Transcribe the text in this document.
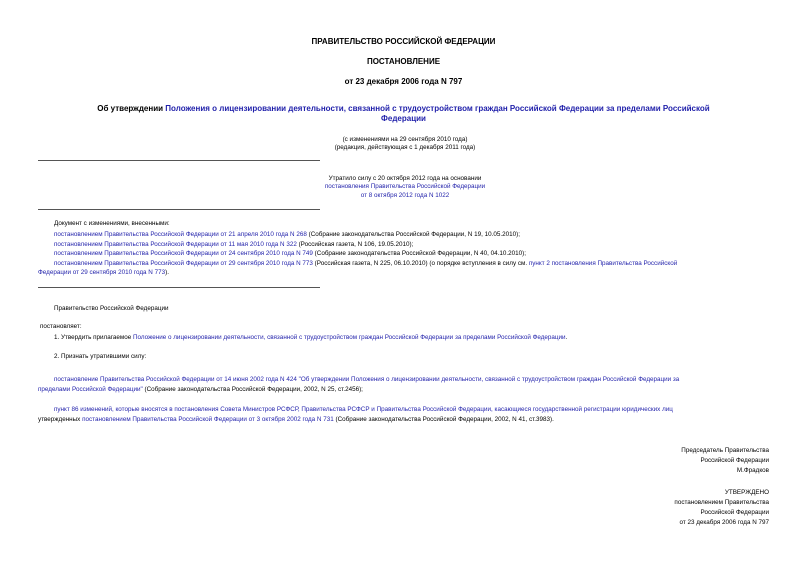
ПРАВИТЕЛЬСТВО РОССИЙСКОЙ ФЕДЕРАЦИИ
ПОСТАНОВЛЕНИЕ
от 23 декабря 2006 года N 797
Об утверждении Положения о лицензировании деятельности, связанной с трудоустройством граждан Российской Федерации за пределами Российской
Федерации
(с изменениями на 29 сентября 2010 года)
(редакция, действующая с 1 декабря 2011 года)
Утратило силу с 20 октября 2012 года на основании
постановления Правительства Российской Федерации
от 8 октября 2012 года N 1022
Документ с изменениями, внесенными:
постановлением Правительства Российской Федерации от 21 апреля 2010 года N 268 (Собрание законодательства Российской Федерации, N 19, 10.05.2010);
постановлением Правительства Российской Федерации от 11 мая 2010 года N 322 (Российская газета, N 106, 19.05.2010);
постановлением Правительства Российской Федерации от 24 сентября 2010 года N 749 (Собрание законодательства Российской Федерации, N 40, 04.10.2010);
постановлением Правительства Российской Федерации от 29 сентября 2010 года N 773 (Российская газета, N 225, 06.10.2010) (о порядке вступления в силу см. пункт 2 постановления Правительства Российской
Федерации от 29 сентября 2010 года N 773).
Правительство Российской Федерации
постановляет:
1. Утвердить прилагаемое Положение о лицензировании деятельности, связанной с трудоустройством граждан Российской Федерации за пределами Российской Федерации.
2. Признать утратившими силу:
постановление Правительства Российской Федерации от 14 июня 2002 года N 424 "Об утверждении Положения о лицензировании деятельности, связанной с трудоустройством граждан Российской Федерации за
пределами Российской Федерации" (Собрание законодательства Российской Федерации, 2002, N 25, ст.2456);
пункт 86 изменений, которые вносятся в постановления Совета Министров РСФСР, Правительства РСФСР и Правительства Российской Федерации, касающиеся государственной регистрации юридических лиц
утвержденных постановлением Правительства Российской Федерации от 3 октября 2002 года N 731 (Собрание законодательства Российской Федерации, 2002, N 41, ст.3983).
Председатель Правительства
Российской Федерации
М.Фрадков
УТВЕРЖДЕНО
постановлением Правительства
Российской Федерации
от 23 декабря 2006 года N 797
